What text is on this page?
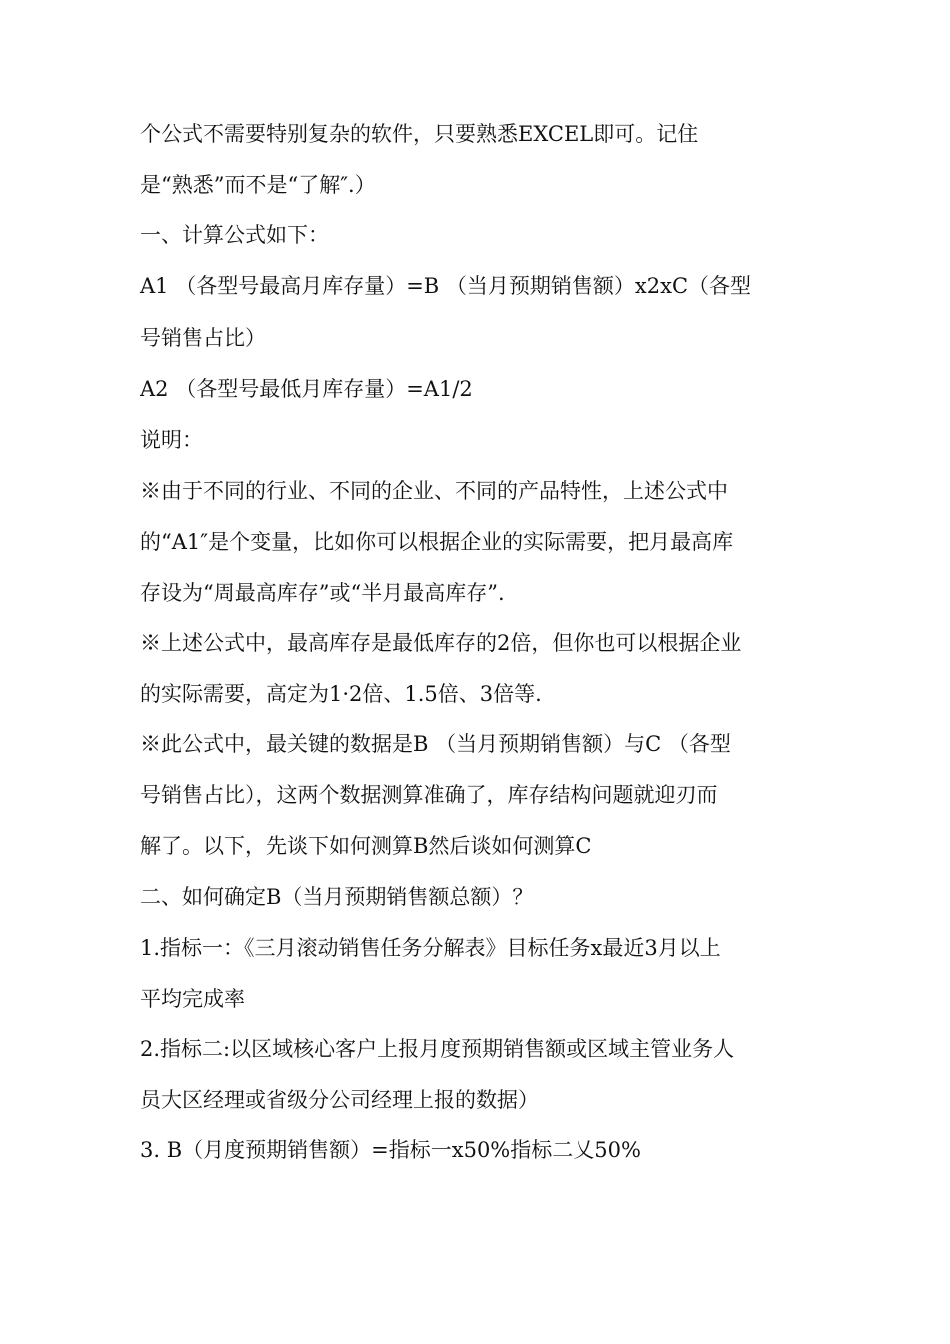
个公式不需要特别复杂的软件，只要熟悉EXCEL即可。记住
是“熟悉”而不是“了解″.）
一、计算公式如下：
A1 （各型号最高月库存量）=B （当月预期销售额）x2xC（各型
号销售占比）
A2 （各型号最低月库存量）=A1/2
说明：
※由于不同的行业、不同的企业、不同的产品特性，上述公式中
的“A1″是个变量，比如你可以根据企业的实际需要，把月最高库
存设为“周最高库存”或“半月最高库存”.
※上述公式中，最高库存是最低库存的2倍，但你也可以根据企业
的实际需要，高定为1·2倍、1.5倍、3倍等.
※此公式中，最关键的数据是B （当月预期销售额）与C （各型
号销售占比），这两个数据测算准确了，库存结构问题就迎刃而
解了。以下，先谈下如何测算B然后谈如何测算C
二、如何确定B（当月预期销售额总额）？
1.指标一：《三月滚动销售任务分解表》目标任务x最近3月以上
平均完成率
2.指标二:以区域核心客户上报月度预期销售额或区域主管业务人
员大区经理或省级分公司经理上报的数据）
3. B（月度预期销售额）=指标一x50%指标二乂50%
